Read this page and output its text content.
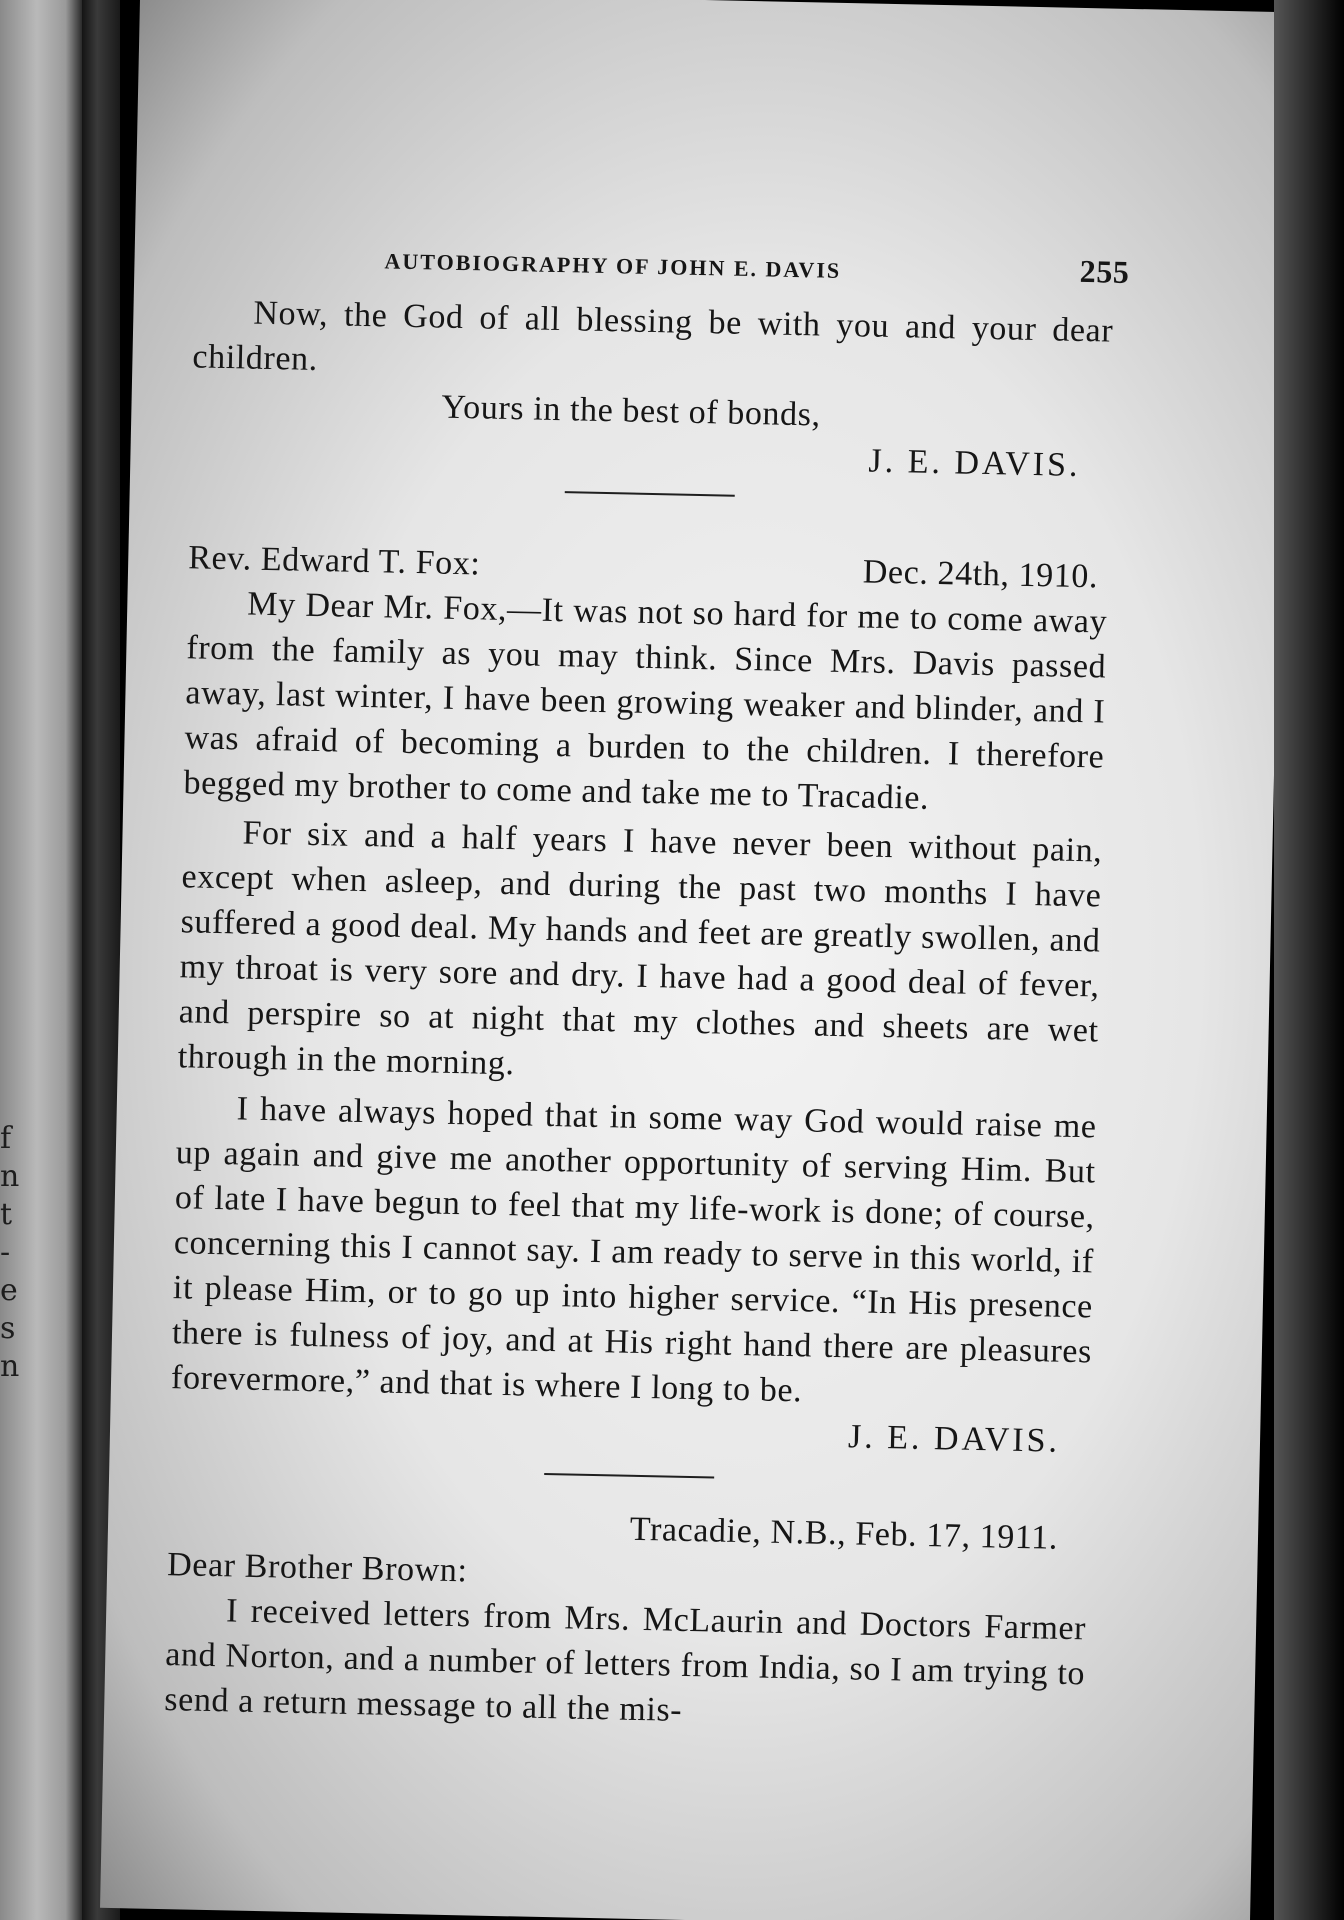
f
n
t
-
e
s
n
AUTOBIOGRAPHY OF JOHN E. DAVIS	255

Now, the God of all blessing be with you and your dear children.

Yours in the best of bonds,

J. E. DAVIS.

Rev. Edward T. Fox:	Dec. 24th, 1910.

My Dear Mr. Fox,—It was not so hard for me to come away from the family as you may think. Since Mrs. Davis passed away, last winter, I have been growing weaker and blinder, and I was afraid of becoming a burden to the children. I therefore begged my brother to come and take me to Tracadie.

For six and a half years I have never been without pain, except when asleep, and during the past two months I have suffered a good deal. My hands and feet are greatly swollen, and my throat is very sore and dry. I have had a good deal of fever, and perspire so at night that my clothes and sheets are wet through in the morning.

I have always hoped that in some way God would raise me up again and give me another opportunity of serving Him. But of late I have begun to feel that my life-work is done; of course, concerning this I cannot say. I am ready to serve in this world, if it please Him, or to go up into higher service. “In His presence there is fulness of joy, and at His right hand there are pleasures forevermore,” and that is where I long to be.

J. E. DAVIS.

Tracadie, N.B., Feb. 17, 1911.

Dear Brother Brown:

I received letters from Mrs. McLaurin and Doctors Farmer and Norton, and a number of letters from India, so I am trying to send a return message to all the mis-
